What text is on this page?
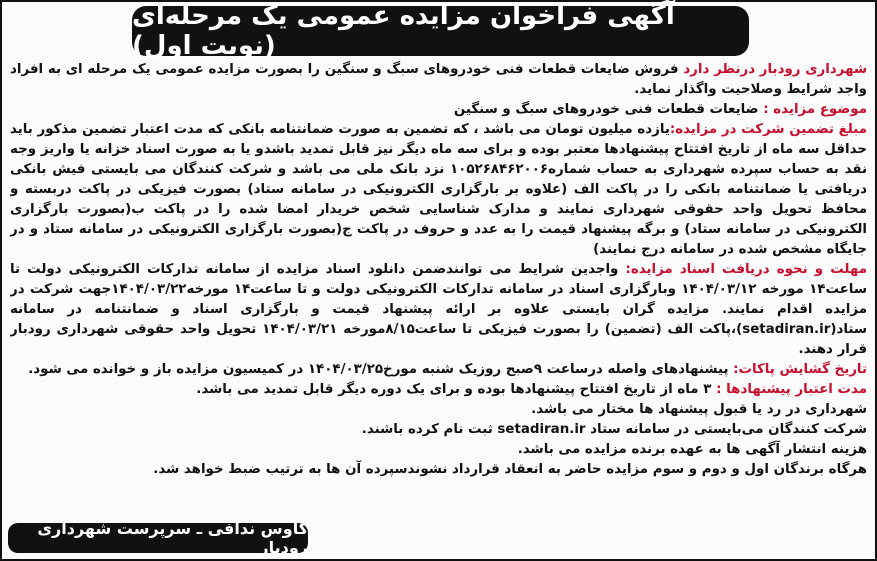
آگهی فراخوان مزایده عمومی یک مرحله‌ای (نوبت اول)

شهرداری رودبار درنظر دارد فروش ضایعات قطعات فنی خودروهای سبگ و سنگین را بصورت مزایده عمومی یک مرحله ای به افراد واجد شرایط وصلاحیت واگذار نماید.

موضوع مزایده : ضایعات قطعات فنی خودروهای سبگ و سنگین

مبلغ تضمین شرکت در مزایده:یازده میلیون تومان می باشد ، که تضمین به صورت ضمانتنامه بانکی که مدت اعتبار تضمین مذکور باید حداقل سه ماه از تاریخ افتتاح پیشنهادها معتبر بوده و برای سه ماه دیگر نیز قابل تمدید باشدو یا به صورت اسناد خزانه یا واریز وجه نقد به حساب سپرده شهرداری به حساب شماره۱۰۵۲۶۸۴۶۲۰۰۶ نزد بانک ملی می باشد و شرکت کنندگان می بایستی فیش بانکی دریافتی یا ضمانتنامه بانکی را در پاکت الف (علاوه بر بارگزاری الکترونیکی در سامانه ستاد) بصورت فیزیکی در پاکت دربسته و محافظ تحویل واحد حقوقی شهرداری نمایند و مدارک شناسایی شخص خریدار امضا شده را در پاکت ب(بصورت بارگزاری الکترونیکی در سامانه ستاد) و برگه پیشنهاد قیمت را به عدد و حروف در پاکت ج(بصورت بارگزاری الکترونیکی در سامانه ستاد و در جایگاه مشخص شده در سامانه درج نمایند)

مهلت و نحوه دریافت اسناد مزایده: واجدین شرایط می توانندضمن دانلود اسناد مزایده از سامانه تدارکات الکترونیکی دولت تا ساعت۱۴ مورخه ۱۴۰۴/۰۳/۱۲ وبارگزاری اسناد در سامانه تدارکات الکترونیکی دولت و تا ساعت۱۴ مورخه۱۴۰۴/۰۳/۲۲جهت شرکت در مزایده اقدام نمایند. مزایده گران بایستی علاوه بر ارائه پیشنهاد قیمت و بارگزاری اسناد و ضمانتنامه در سامانه ستاد(setadiran.ir)،پاکت الف (تضمین) را بصورت فیزیکی تا ساعت۸/۱۵مورخه ۱۴۰۴/۰۳/۲۱ تحویل واحد حقوقی شهرداری رودبار قرار دهند.

تاریخ گشایش پاکات: پیشنهادهای واصله درساعت ۹صبح روزیک شنبه مورخ۱۴۰۴/۰۳/۲۵ در کمیسیون مزایده باز و خوانده می شود.

مدت اعتبار پیشنهادها : ۳ ماه از تاریخ افتتاح پیشنهادها بوده و برای یک دوره دیگر قابل تمدید می باشد.

شهرداری در رد یا قبول پیشنهاد ها مختار می باشد.

شرکت کنندگان می‌بایستی در سامانه ستاد setadiran.ir ثبت نام کرده باشند.

هزینه انتشار آگهی ها به عهده برنده مزایده می باشد.

هرگاه برندگان اول و دوم و سوم مزایده حاضر به انعقاد قرارداد نشوندسپرده آن ها به ترتیب ضبط خواهد شد.

کاوس ندافی ـ سرپرست شهرداری رودبار
